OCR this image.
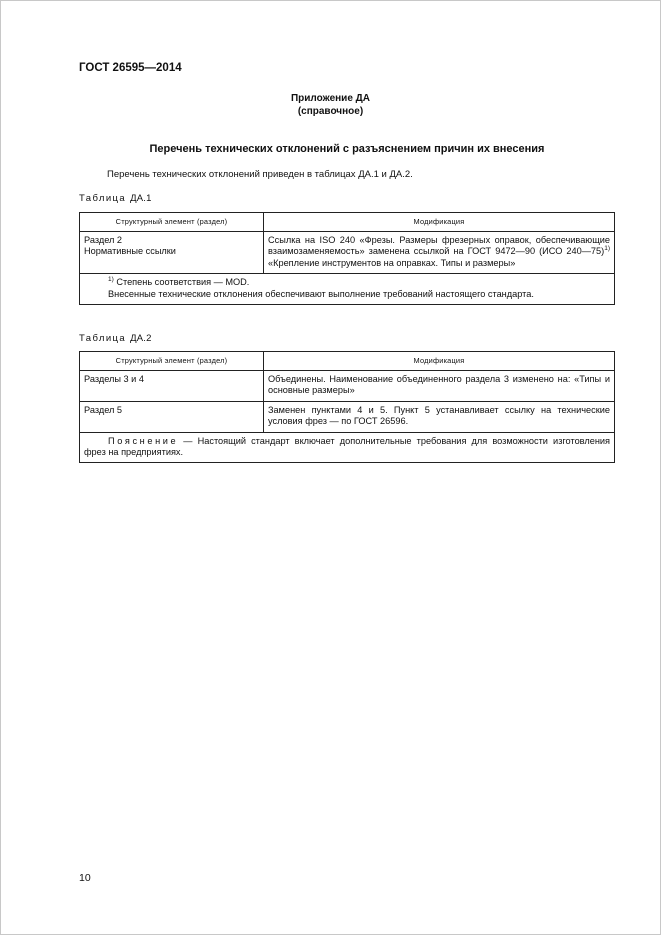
ГОСТ 26595—2014
Приложение ДА
(справочное)
Перечень технических отклонений с разъяснением причин их внесения
Перечень технических отклонений приведен в таблицах ДА.1 и ДА.2.
Таблица ДА.1
Структурный элемент (раздел)	Модификация

Раздел 2
Нормативные ссылки	Ссылка на ISO 240 «Фрезы. Размеры фрезерных оправок, обеспечивающие взаимозаменяемость» заменена ссылкой на ГОСТ 9472—90 (ИСО 240—75)$^{1)}$ «Крепление инструментов на оправках. Типы и размеры»

$^{1)}$ Степень соответствия — MOD.
Внесенные технические отклонения обеспечивают выполнение требований настоящего стандарта.	
Таблица ДА.2
Структурный элемент (раздел)	Модификация
Разделы 3 и 4	Объединены. Наименование объединенного раздела 3 изменено на: «Типы и основные размеры»
Раздел 5	Заменен пунктами 4 и 5. Пункт 5 устанавливает ссылку на технические условия фрез — по ГОСТ 26596.
Пояснение — Настоящий стандарт включает дополнительные требования для возможности изготовления фрез на предприятиях.	
10
